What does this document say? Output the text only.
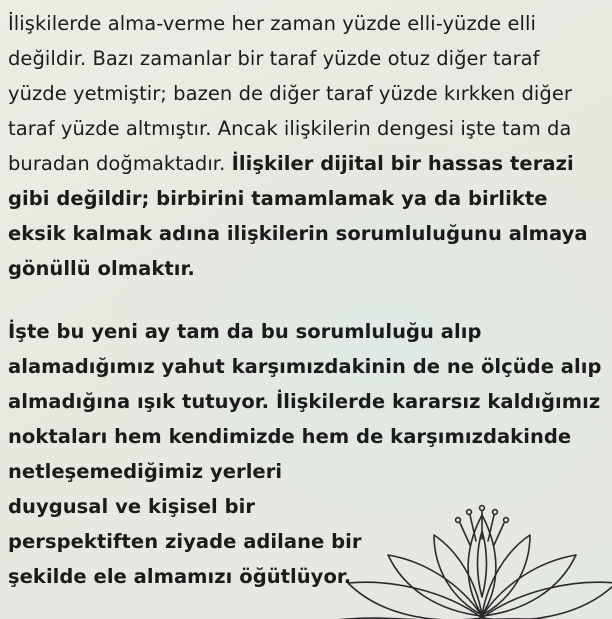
İlişkilerde alma-verme her zaman yüzde elli-yüzde elli değildir. Bazı zamanlar bir taraf yüzde otuz diğer taraf yüzde yetmiştir; bazen de diğer taraf yüzde kırkken diğer taraf yüzde altmıştır. Ancak ilişkilerin dengesi işte tam da buradan doğmaktadır. İlişkiler dijital bir hassas terazi gibi değildir; birbirini tamamlamak ya da birlikte eksik kalmak adına ilişkilerin sorumluluğunu almaya gönüllü olmaktır.

İşte bu yeni ay tam da bu sorumluluğu alıp alamadığımız yahut karşımızdakinin de ne ölçüde alıp almadığına ışık tutuyor. İlişkilerde kararsız kaldığımız noktaları hem kendimizde hem de karşımızdakinde
netleşemediğimiz yerleri duygusal ve kişisel bir perspektiften ziyade adilane bir şekilde ele almamızı öğütlüyor.
